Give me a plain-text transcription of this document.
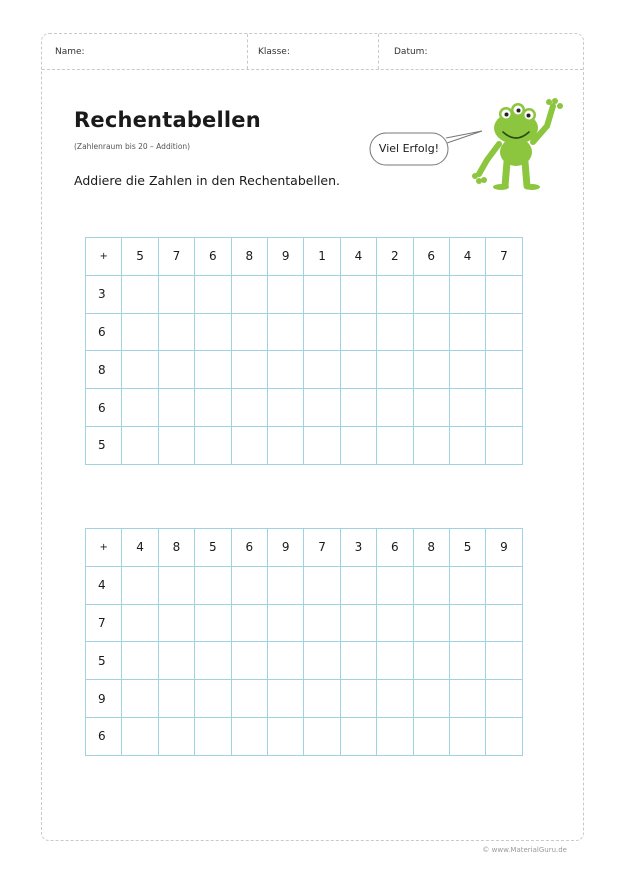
Name:	Klasse:	Datum:
Rechentabellen
(Zahlenraum bis 20 – Addition)
Addiere die Zahlen in den Rechentabellen.
Viel Erfolg!
+	5	7	6	8	9	1	4	2	6	4	7
3											
6											
8											
6											
5											
+	4	8	5	6	9	7	3	6	8	5	9
4											
7											
5											
9											
6											
© www.MaterialGuru.de
